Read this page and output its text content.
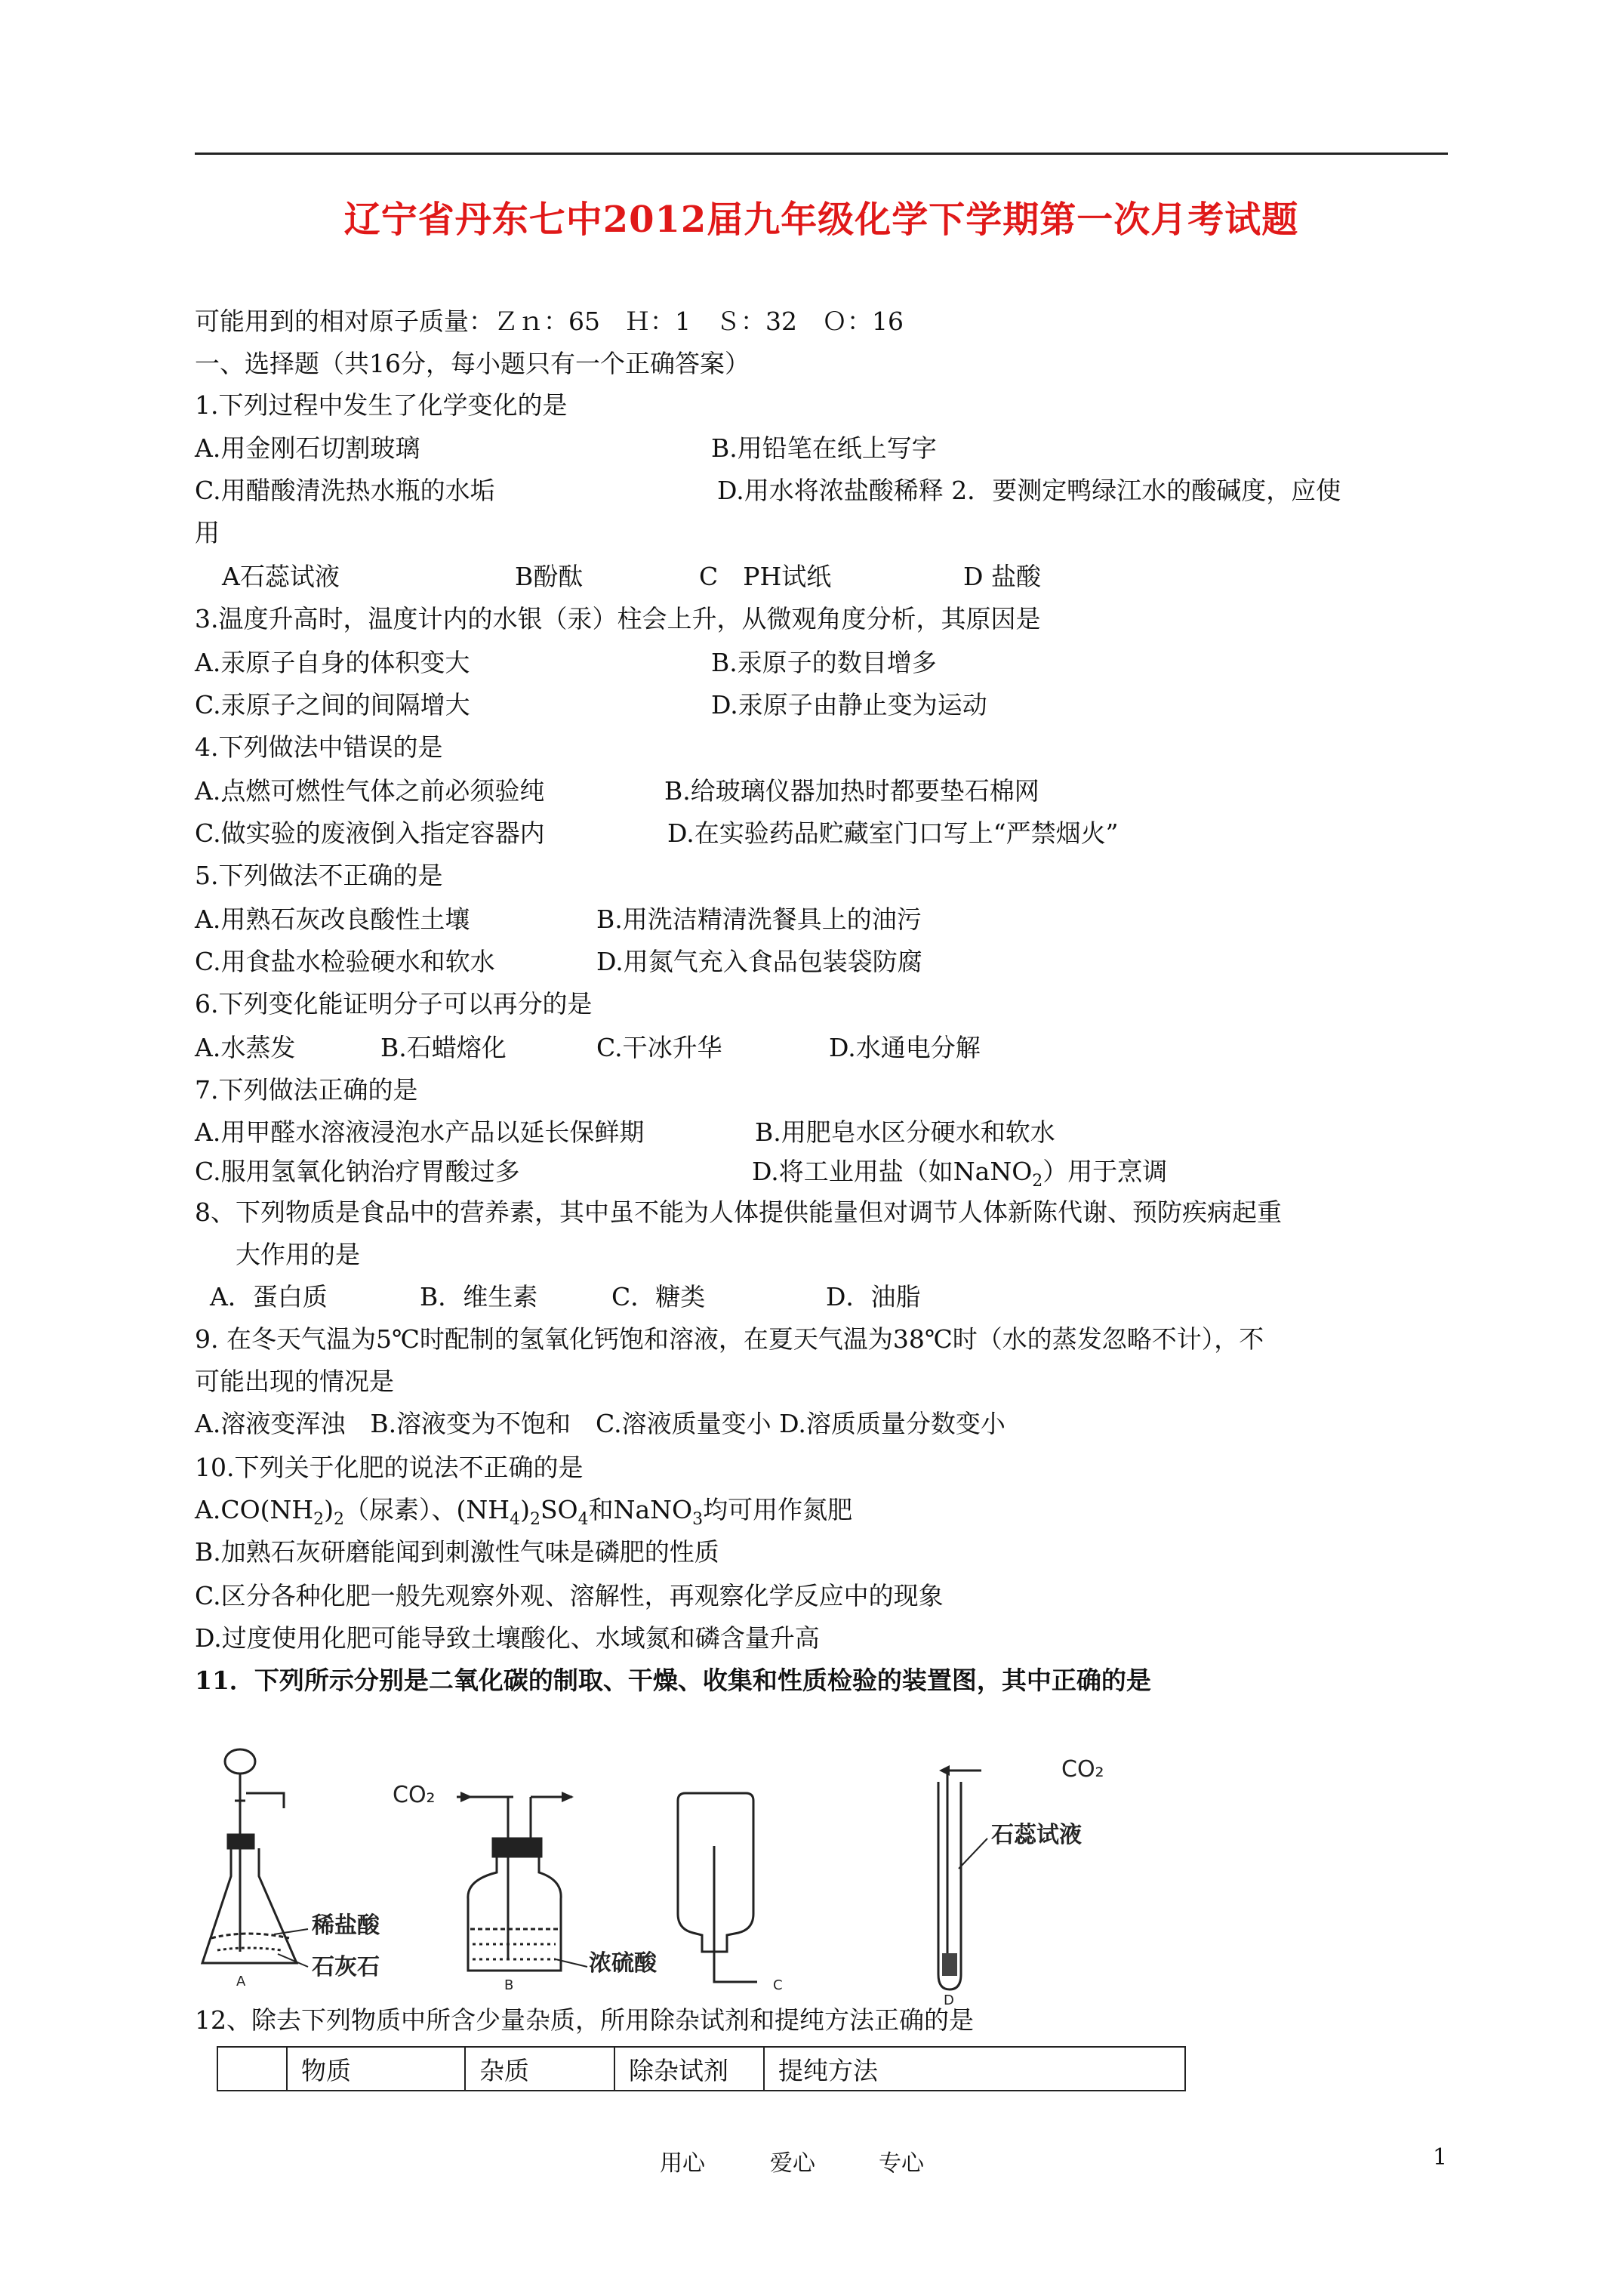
辽宁省丹东七中2012届九年级化学下学期第一次月考试题
可能用到的相对原子质量：Ｚｎ：65　Ｈ：1　Ｓ：32　Ｏ：16
一、选择题（共16分，每小题只有一个正确答案）
1.下列过程中发生了化学变化的是
A.用金刚石切割玻璃	B.用铅笔在纸上写字
C.用醋酸清洗热水瓶的水垢	D.用水将浓盐酸稀释 2．要测定鸭绿江水的酸碱度，应使
用
A石蕊试液	B酚酞	C　PH试纸	D 盐酸
3.温度升高时，温度计内的水银（汞）柱会上升，从微观角度分析，其原因是
A.汞原子自身的体积变大	B.汞原子的数目增多
C.汞原子之间的间隔增大	D.汞原子由静止变为运动
4.下列做法中错误的是
A.点燃可燃性气体之前必须验纯	B.给玻璃仪器加热时都要垫石棉网
C.做实验的废液倒入指定容器内	D.在实验药品贮藏室门口写上“严禁烟火”
5.下列做法不正确的是
A.用熟石灰改良酸性土壤	B.用洗洁精清洗餐具上的油污
C.用食盐水检验硬水和软水	D.用氮气充入食品包装袋防腐
6.下列变化能证明分子可以再分的是
A.水蒸发	B.石蜡熔化	C.干冰升华	D.水通电分解
7.下列做法正确的是
A.用甲醛水溶液浸泡水产品以延长保鲜期	B.用肥皂水区分硬水和软水
C.服用氢氧化钠治疗胃酸过多	D.将工业用盐（如NaNO$_2$）用于烹调
8、下列物质是食品中的营养素，其中虽不能为人体提供能量但对调节人体新陈代谢、预防疾病起重
大作用的是
A．蛋白质	B．维生素	C．糖类	D．油脂
9. 在冬天气温为5℃时配制的氢氧化钙饱和溶液，在夏天气温为38℃时（水的蒸发忽略不计），不
可能出现的情况是
A.溶液变浑浊　B.溶液变为不饱和　C.溶液质量变小 D.溶质质量分数变小
10.下列关于化肥的说法不正确的是
$A.CO(NH_2)_2$（尿素）、$(NH_4)_2SO_4$和NaNO$_3$均可用作氮肥
B.加熟石灰研磨能闻到刺激性气味是磷肥的性质
C.区分各种化肥一般先观察外观、溶解性，再观察化学反应中的现象
D.过度使用化肥可能导致土壤酸化、水域氮和磷含量升高
11．下列所示分别是二氧化碳的制取、干燥、收集和性质检验的装置图，其中正确的是
CO₂
CO₂
稀盐酸
石灰石	浓硫酸
石蕊试液
A	B	C
D
12、除去下列物质中所含少量杂质，所用除杂试剂和提纯方法正确的是
	物质	杂质	除杂试剂	提纯方法
用心	爱心	专心	1
